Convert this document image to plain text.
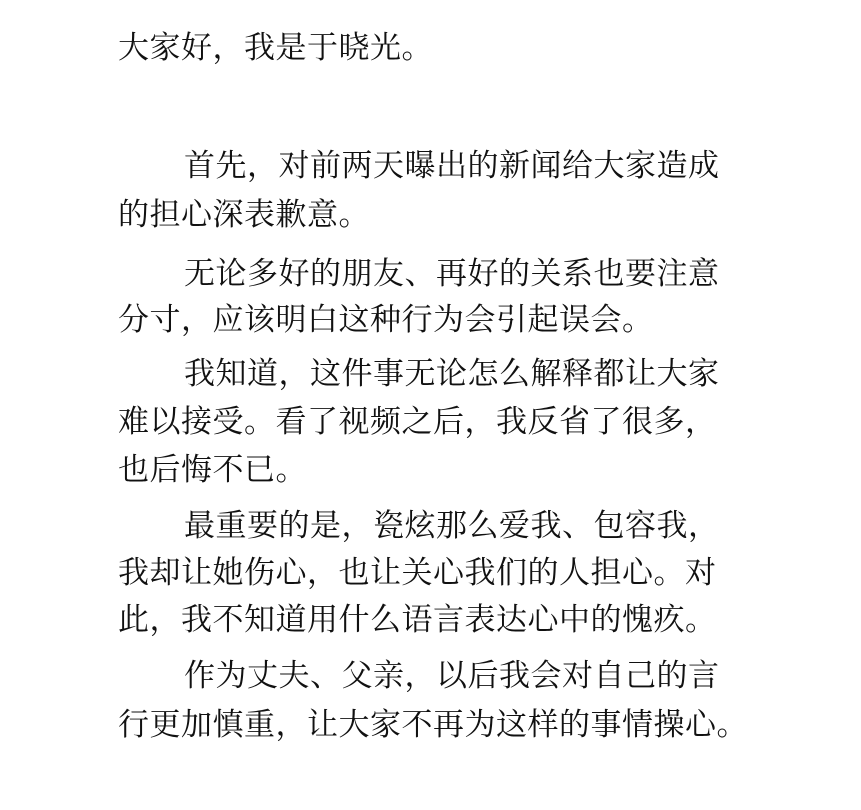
大家好，我是于晓光。
首先，对前两天曝出的新闻给大家造成
的担心深表歉意。
无论多好的朋友、再好的关系也要注意
分寸，应该明白这种行为会引起误会。
我知道，这件事无论怎么解释都让大家
难以接受。看了视频之后，我反省了很多，
也后悔不已。
最重要的是，瓷炫那么爱我、包容我，
我却让她伤心，也让关心我们的人担心。对
此，我不知道用什么语言表达心中的愧疚。
作为丈夫、父亲，以后我会对自己的言
行更加慎重，让大家不再为这样的事情操心。
